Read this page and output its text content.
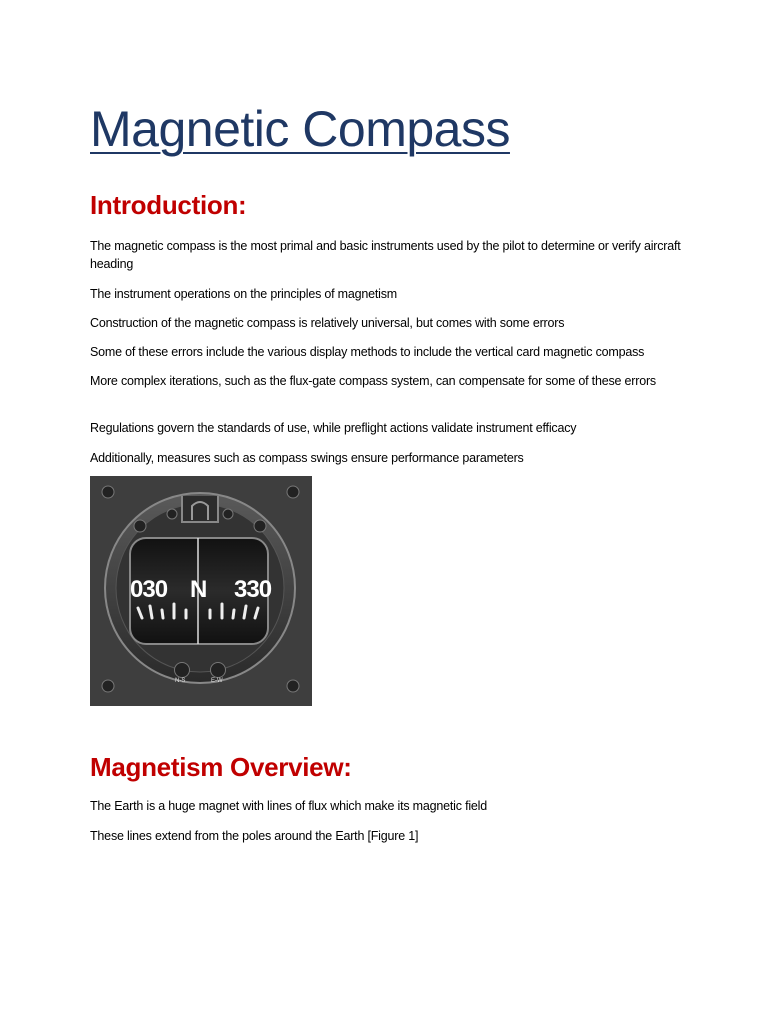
Magnetic Compass
Introduction:

The magnetic compass is the most primal and basic instruments used by the pilot to determine or verify aircraft heading

The instrument operations on the principles of magnetism

Construction of the magnetic compass is relatively universal, but comes with some errors

Some of these errors include the various display methods to include the vertical card magnetic compass

More complex iterations, such as the flux-gate compass system, can compensate for some of these errors

Regulations govern the standards of use, while preflight actions validate instrument efficacy

Additionally, measures such as compass swings ensure performance parameters

030 N 330
N-S	E-W
Magnetism Overview:

The Earth is a huge magnet with lines of flux which make its magnetic field

These lines extend from the poles around the Earth [Figure 1]
